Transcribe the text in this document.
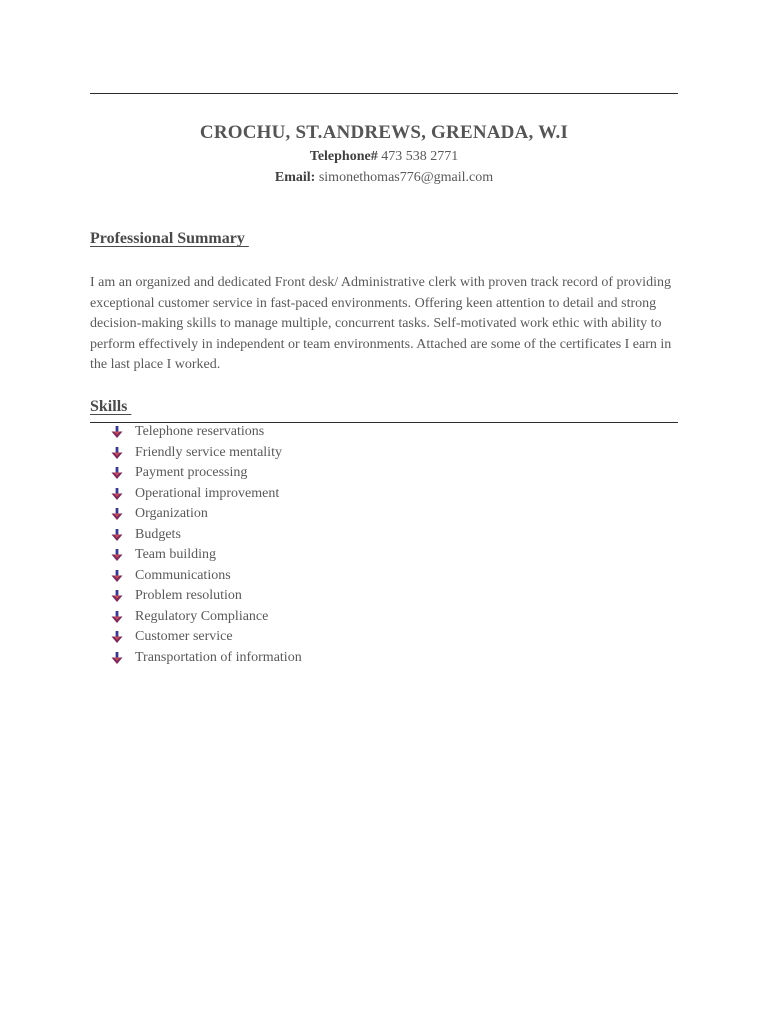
CROCHU, ST.ANDREWS, GRENADA, W.I
Telephone# 473 538 2771
Email: simonethomas776@gmail.com
Professional Summary
I am an organized and dedicated Front desk/ Administrative clerk with proven track record of providing exceptional customer service in fast-paced environments. Offering keen attention to detail and strong decision-making skills to manage multiple, concurrent tasks. Self-motivated work ethic with ability to perform effectively in independent or team environments. Attached are some of the certificates I earn in the last place I worked.
Skills
Telephone reservations
Friendly service mentality
Payment processing
Operational improvement
Organization
Budgets
Team building
Communications
Problem resolution
Regulatory Compliance
Customer service
Transportation of information
